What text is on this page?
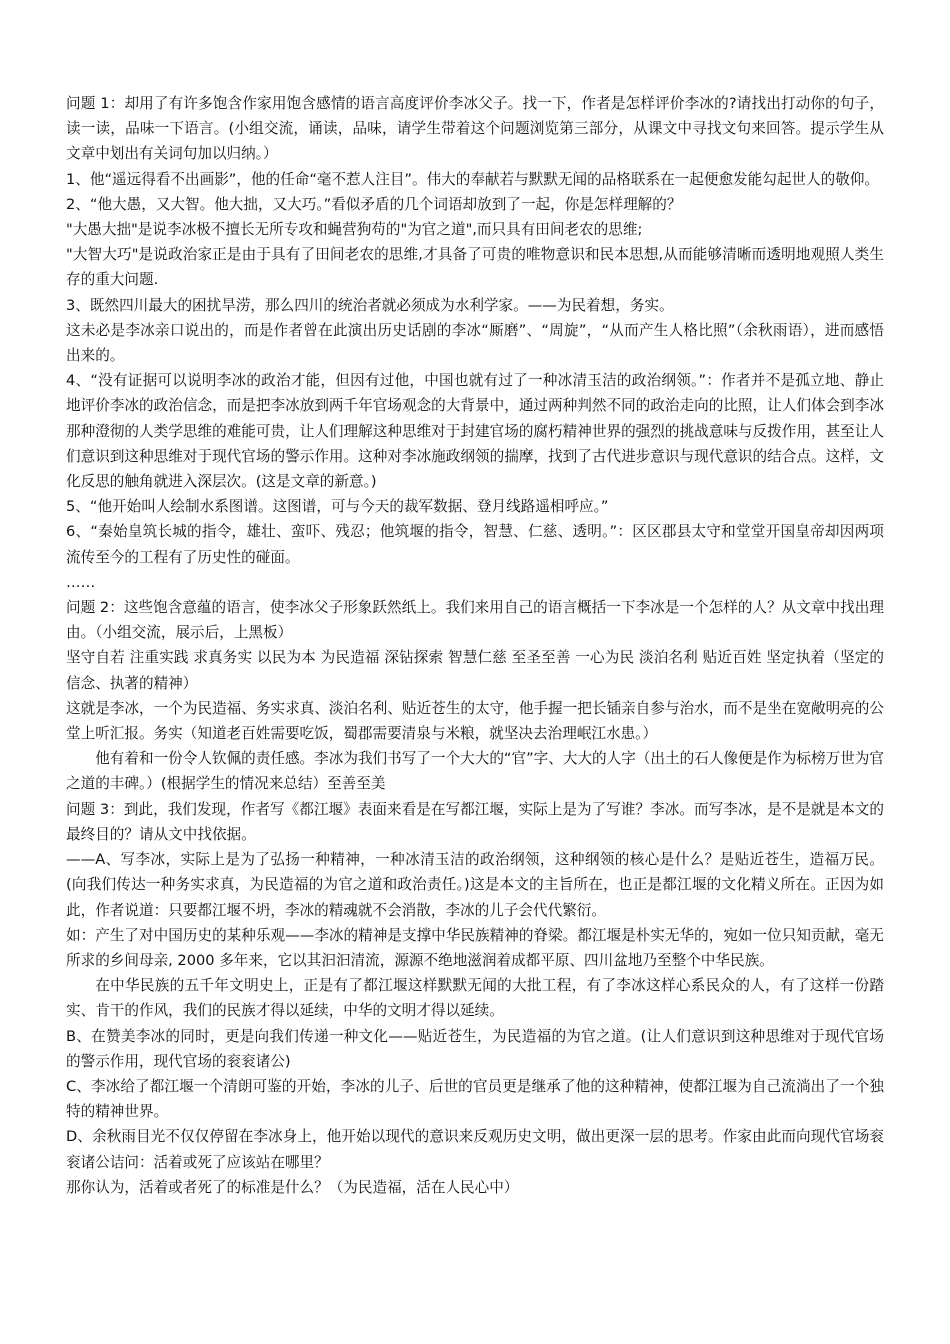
问题 1：却用了有许多饱含作家用饱含感情的语言高度评价李冰父子。找一下，作者是怎样评价李冰的?请找出打动你的句子，读一读，品味一下语言。(小组交流，诵读，品味，请学生带着这个问题浏览第三部分，从课文中寻找文句来回答。提示学生从文章中划出有关词句加以归纳。）

1、他“遥远得看不出画影”，他的任命“毫不惹人注目”。伟大的奉献若与默默无闻的品格联系在一起便愈发能勾起世人的敬仰。

2、“他大愚，又大智。他大拙，又大巧。”看似矛盾的几个词语却放到了一起，你是怎样理解的？

"大愚大拙"是说李冰极不擅长无所专攻和蝇营狗苟的"为官之道",而只具有田间老农的思维;

"大智大巧"是说政治家正是由于具有了田间老农的思维,才具备了可贵的唯物意识和民本思想,从而能够清晰而透明地观照人类生存的重大问题.

3、既然四川最大的困扰旱涝，那么四川的统治者就必须成为水利学家。——为民着想，务实。

这未必是李冰亲口说出的，而是作者曾在此演出历史话剧的李冰“厮磨”、“周旋”，“从而产生人格比照”（余秋雨语），进而感悟出来的。

4、“没有证据可以说明李冰的政治才能，但因有过他，中国也就有过了一种冰清玉洁的政治纲领。”：作者并不是孤立地、静止地评价李冰的政治信念，而是把李冰放到两千年官场观念的大背景中，通过两种判然不同的政治走向的比照，让人们体会到李冰那种澄彻的人类学思维的难能可贵，让人们理解这种思维对于封建官场的腐朽精神世界的强烈的挑战意味与反拨作用，甚至让人们意识到这种思维对于现代官场的警示作用。这种对李冰施政纲领的揣摩，找到了古代进步意识与现代意识的结合点。这样，文化反思的触角就进入深层次。(这是文章的新意。)

5、“他开始叫人绘制水系图谱。这图谱，可与今天的裁军数据、登月线路遥相呼应。”

6、“秦始皇筑长城的指令，雄壮、蛮吓、残忍；他筑堰的指令，智慧、仁慈、透明。”：区区郡县太守和堂堂开国皇帝却因两项流传至今的工程有了历史性的碰面。

……

问题 2：这些饱含意蕴的语言，使李冰父子形象跃然纸上。我们来用自己的语言概括一下李冰是一个怎样的人？从文章中找出理由。（小组交流，展示后，上黑板）

坚守自若 注重实践 求真务实 以民为本 为民造福 深钻探索 智慧仁慈 至圣至善 一心为民 淡泊名利 贴近百姓 坚定执着（坚定的信念、执著的精神）

这就是李冰，一个为民造福、务实求真、淡泊名利、贴近苍生的太守，他手握一把长锸亲自参与治水，而不是坐在宽敞明亮的公堂上听汇报。务实（知道老百姓需要吃饭，蜀郡需要清泉与米粮，就坚决去治理岷江水患。）

他有着和一份令人钦佩的责任感。李冰为我们书写了一个大大的“官”字、大大的人字（出土的石人像便是作为标榜万世为官之道的丰碑。）(根据学生的情况来总结）至善至美

问题 3：到此，我们发现，作者写《都江堰》表面来看是在写都江堰，实际上是为了写谁？李冰。而写李冰，是不是就是本文的最终目的？请从文中找依据。

——A、写李冰，实际上是为了弘扬一种精神，一种冰清玉洁的政治纲领，这种纲领的核心是什么？是贴近苍生，造福万民。(向我们传达一种务实求真，为民造福的为官之道和政治责任。)这是本文的主旨所在，也正是都江堰的文化精义所在。正因为如此，作者说道：只要都江堰不坍，李冰的精魂就不会消散，李冰的儿子会代代繁衍。

如：产生了对中国历史的某种乐观——李冰的精神是支撑中华民族精神的脊梁。都江堰是朴实无华的，宛如一位只知贡献，毫无所求的乡间母亲, 2000 多年来，它以其汩汩清流，源源不绝地滋润着成都平原、四川盆地乃至整个中华民族。

在中华民族的五千年文明史上，正是有了都江堰这样默默无闻的大批工程，有了李冰这样心系民众的人，有了这样一份踏实、肯干的作风，我们的民族才得以延续，中华的文明才得以延续。

B、在赞美李冰的同时，更是向我们传递一种文化——贴近苍生，为民造福的为官之道。(让人们意识到这种思维对于现代官场的警示作用，现代官场的衮衮诸公)

C、李冰给了都江堰一个清朗可鉴的开始，李冰的儿子、后世的官员更是继承了他的这种精神，使都江堰为自己流淌出了一个独特的精神世界。

D、余秋雨目光不仅仅停留在李冰身上，他开始以现代的意识来反观历史文明，做出更深一层的思考。作家由此而向现代官场衮衮诸公诘问：活着或死了应该站在哪里？

那你认为，活着或者死了的标准是什么？（为民造福，活在人民心中）
